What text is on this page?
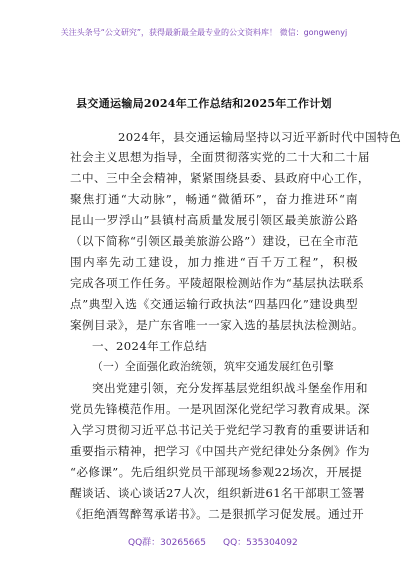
关注头条号“公文研究”，获得最新最全最专业的公文资料库！ 微信：gongwenyj
县交通运输局2024年工作总结和2025年工作计划
2024年，县交通运输局坚持以习近平新时代中国特色
社会主义思想为指导，全面贯彻落实党的二十大和二十届
二中、三中全会精神，紧紧围绕县委、县政府中心工作，
聚焦打通“大动脉”，畅通“微循环”，奋力推进环“南
昆山一罗浮山”县镇村高质量发展引领区最美旅游公路
（以下简称“引领区最美旅游公路”）建设，已在全市范
围内率先动工建设，加力推进“百千万工程”，积极
完成各项工作任务。平陵超限检测站作为“基层执法联系
点”典型入选《交通运输行政执法“四基四化”建设典型
案例目录》，是广东省唯一一家入选的基层执法检测站。
一、2024年工作总结
（一）全面强化政治统领，筑牢交通发展红色引擎
突出党建引领，充分发挥基层党组织战斗堡垒作用和
党员先锋模范作用。一是巩固深化党纪学习教育成果。深
入学习贯彻习近平总书记关于党纪学习教育的重要讲话和
重要指示精神，把学习《中国共产党纪律处分条例》作为
“必修课”。先后组织党员干部现场参观22场次，开展提
醒谈话、谈心谈话27人次，组织新进61名干部职工签署
《拒绝酒驾醉驾承诺书》。二是狠抓学习促发展。通过开
QQ群：30265665 QQ：535304092
